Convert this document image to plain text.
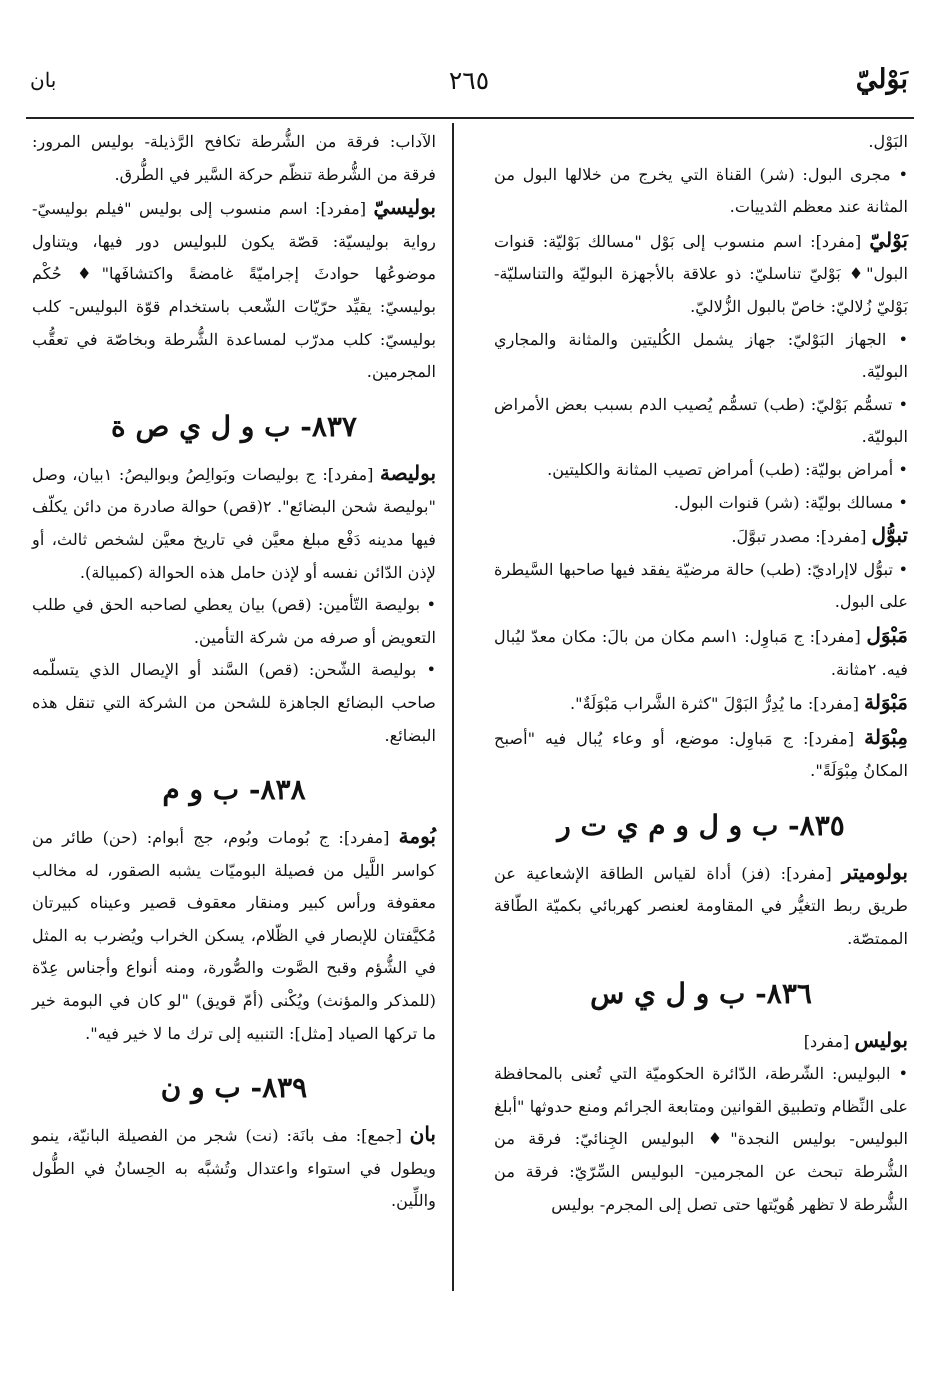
بَوْليّ
٢٦٥
بان

البَوْل.

• مجرى البول: (شر) القناة التي يخرج من خلالها البول من المثانة عند معظم الثدييات.

بَوْليّ [مفرد]: اسم منسوب إلى بَوْل "مسالك بَوْليّة: قنوات البول"♦ بَوْليّ تناسليّ: ذو علاقة بالأجهزة البوليّة والتناسليّة- بَوْليّ زُلاليّ: خاصّ بالبول الزُّلاليّ.

• الجهاز البَوْليّ: جهاز يشمل الكُليتين والمثانة والمجاري البوليّة.

• تسمُّم بَوْليّ: (طب) تسمُّم يُصيب الدم بسبب بعض الأمراض البوليّة.

• أمراض بوليّة: (طب) أمراض تصيب المثانة والكليتين.

• مسالك بوليّة: (شر) قنوات البول.

تبوُّل [مفرد]: مصدر تبوَّلَ.

• تبوُّل لاإراديّ: (طب) حالة مرضيّة يفقد فيها صاحبها السَّيطرة على البول.

مَبْوَل [مفرد]: ج مَباوِل: ١اسم مكان من بالَ: مكان معدّ ليُبال فيه. ٢مثانة.

مَبْوَلة [مفرد]: ما يُدِرُّ البَوْلَ "كثرة الشَّراب مَبْوَلَةٌ".

مِبْوَلة [مفرد]: ج مَباوِل: موضع، أو وعاء يُبال فيه "أصبح المكانُ مِبْوَلَةً".

٨٣٥- ب و ل و م ي ت ر

بولوميتر [مفرد]: (فز) أداة لقياس الطاقة الإشعاعية عن طريق ربط التغيُّر في المقاومة لعنصر كهربائي بكميّة الطّاقة الممتصّة.

٨٣٦- ب و ل ي س

بوليس [مفرد]

• البوليس: الشّرطة، الدّائرة الحكوميّة التي تُعنى بالمحافظة على النِّظام وتطبيق القوانين ومتابعة الجرائم ومنع حدوثها "أبلغ البوليس- بوليس النجدة"♦ البوليس الجِنائيّ: فرقة من الشُّرطة تبحث عن المجرمين- البوليس السِّرّيّ: فرقة من الشُّرطة لا تظهر هُويّتها حتى تصل إلى المجرم- بوليس

الآداب: فرقة من الشُّرطة تكافح الرَّذيلة- بوليس المرور: فرقة من الشُّرطة تنظّم حركة السَّير في الطُّرق.

بوليسيّ [مفرد]: اسم منسوب إلى بوليس "فيلم بوليسيّ- رواية بوليسيّة: قصّة يكون للبوليس دور فيها، ويتناول موضوعُها حوادثَ إجراميّةً غامضةً واكتشافَها"♦ حُكْم بوليسيّ: يقيِّد حرّيّات الشّعب باستخدام قوّة البوليس- كلب بوليسيّ: كلب مدرّب لمساعدة الشُّرطة وبخاصّة في تعقُّب المجرمين.

٨٣٧- ب و ل ي ص ة

بوليصة [مفرد]: ج بوليصات وبَوالِصُ وبواليصُ: ١بيان، وصل "بوليصة شحن البضائع". ٢(قص) حوالة صادرة من دائن يكلّف فيها مدينه دَفْع مبلغ معيَّن في تاريخ معيَّن لشخص ثالث، أو لإذن الدّائن نفسه أو لإذن حامل هذه الحوالة (كمبيالة).

• بوليصة التّأمين: (قص) بيان يعطي لصاحبه الحق في طلب التعويض أو صرفه من شركة التأمين.

• بوليصة الشّحن: (قص) السَّند أو الإيصال الذي يتسلّمه صاحب البضائع الجاهزة للشحن من الشركة التي تنقل هذه البضائع.

٨٣٨- ب و م

بُومة [مفرد]: ج بُومات وبُوم، جج أبوام: (حن) طائر من كواسر اللَّيل من فصيلة البوميّات يشبه الصقور، له مخالب معقوفة ورأس كبير ومنقار معقوف قصير وعيناه كبيرتان مُكيَّفتان للإبصار في الظّلام، يسكن الخراب ويُضرب به المثل في الشُّؤم وقبح الصَّوت والصُّورة، ومنه أنواع وأجناس عِدّة (للمذكر والمؤنث) ويُكْنى (أمّ قويق) "لو كان في البومة خير ما تركها الصياد [مثل]: التنبيه إلى ترك ما لا خير فيه".

٨٣٩- ب و ن

بان [جمع]: مف بانَة: (نت) شجر من الفصيلة البانيّة، ينمو ويطول في استواء واعتدال وتُشبَّه به الحِسانُ في الطُّول واللِّين.
